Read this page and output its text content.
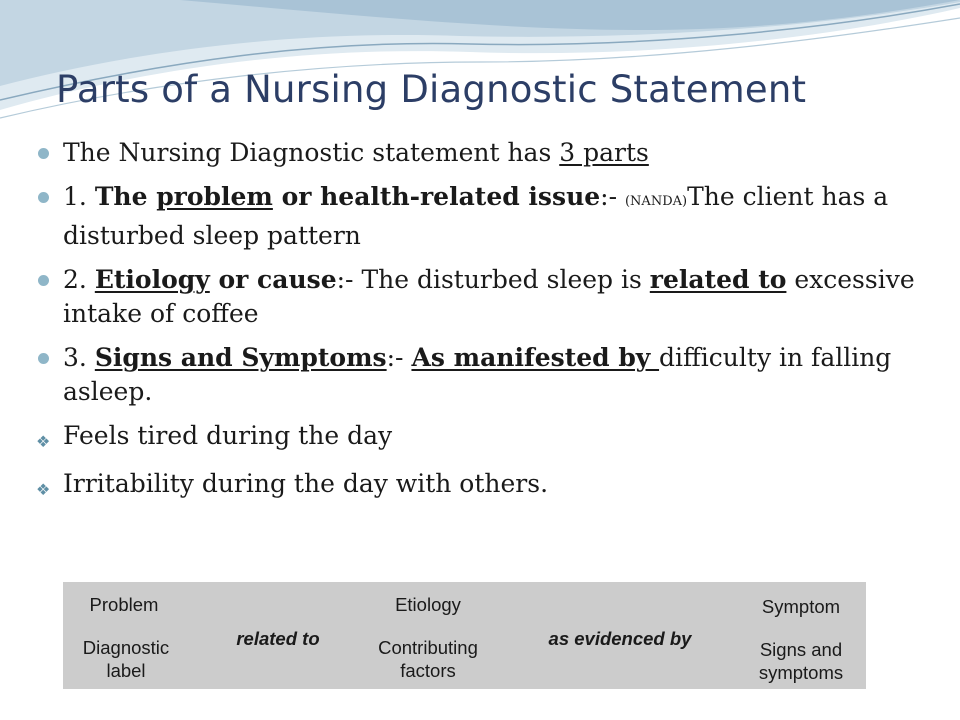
Parts of a Nursing Diagnostic Statement
The Nursing Diagnostic statement has 3 parts
1. The problem or health-related issue:- (NANDA)The client has a disturbed sleep pattern
2. Etiology or cause:- The disturbed sleep is related to excessive intake of coffee
3. Signs and Symptoms:- As manifested by difficulty in falling asleep.
❖ Feels tired during the day
❖ Irritability during the day with others.
Problem
Diagnostic label
related to
Etiology
Contributing factors
as evidenced by
Symptom
Signs and symptoms
